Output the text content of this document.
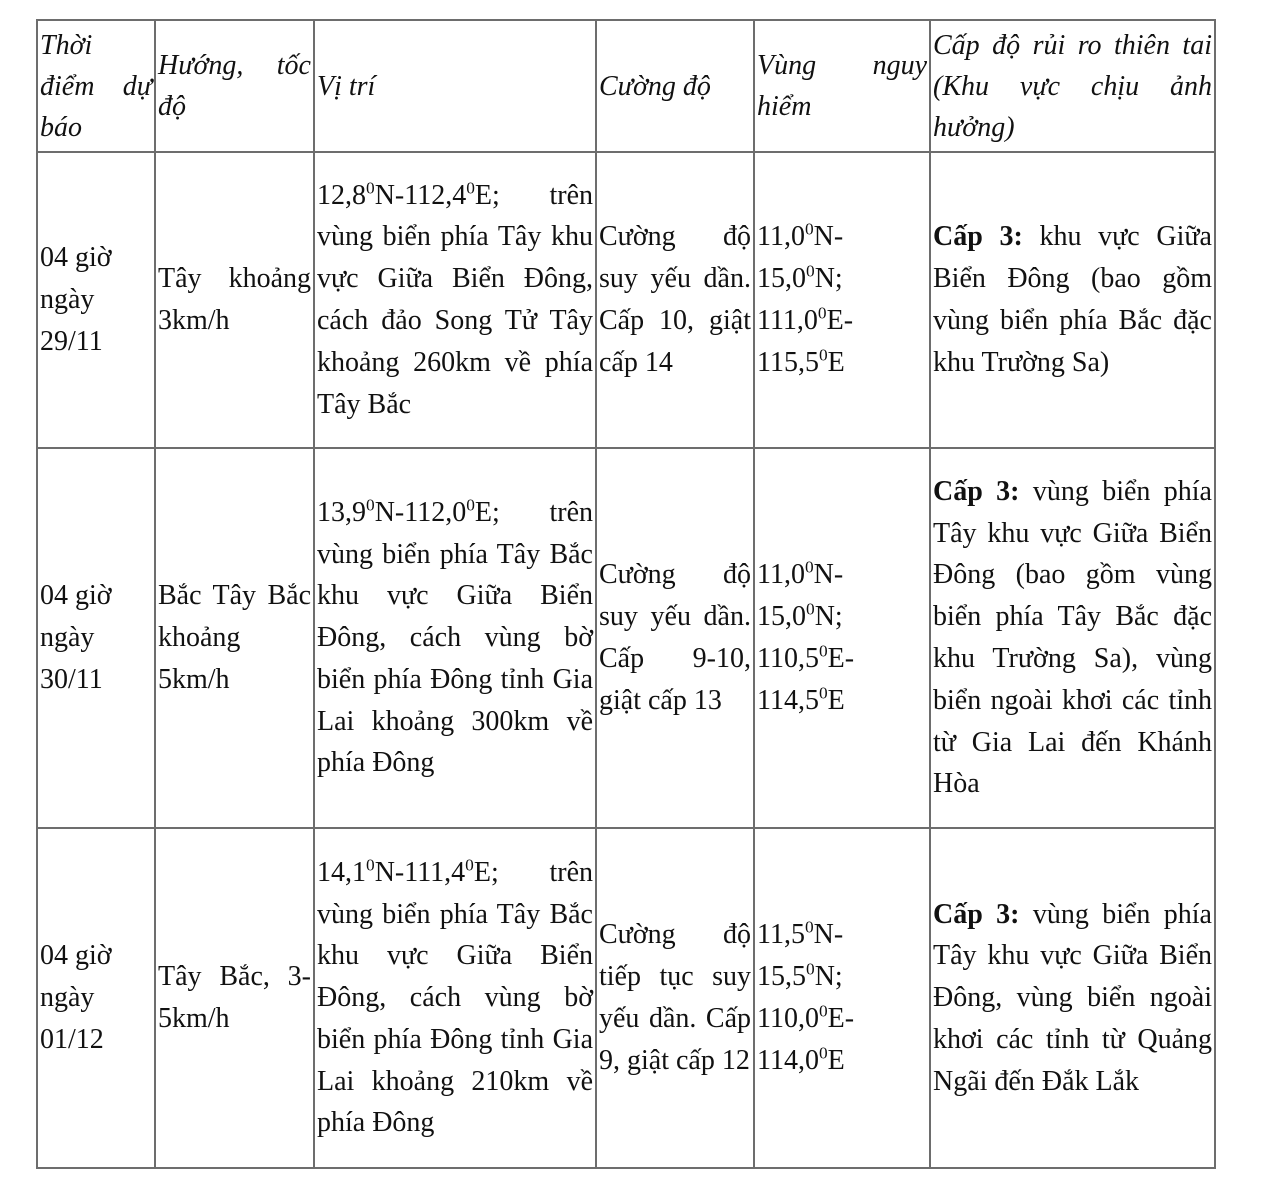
Thời điểm dự báo	Hướng, tốc độ	Vị trí	Cường độ	Vùng nguy hiểm	Cấp độ rủi ro thiên tai (Khu vực chịu ảnh hưởng)

04 giờ
ngày
29/11	Tây khoảng 3km/h	12,8$^0$N-112,4$^0$E; trên vùng biển phía Tây khu vực Giữa Biển Đông, cách đảo Song Tử Tây khoảng 260km về phía Tây Bắc	Cường độ suy yếu dần. Cấp 10, giật cấp 14	11,0$^0$N-
15,0$^0$N;
111,0$^0$E-
115,5$^0$E	Cấp 3: khu vực Giữa Biển Đông (bao gồm vùng biển phía Bắc đặc khu Trường Sa)

04 giờ
ngày
30/11	Bắc Tây Bắc khoảng 5km/h	13,9$^0$N-112,0$^0$E; trên vùng biển phía Tây Bắc khu vực Giữa Biển Đông, cách vùng bờ biển phía Đông tỉnh Gia Lai khoảng 300km về phía Đông	Cường độ suy yếu dần. Cấp 9-10, giật cấp 13	11,0$^0$N-
15,0$^0$N;
110,5$^0$E-
114,5$^0$E	Cấp 3: vùng biển phía Tây khu vực Giữa Biển Đông (bao gồm vùng biển phía Tây Bắc đặc khu Trường Sa), vùng biển ngoài khơi các tỉnh từ Gia Lai đến Khánh Hòa

04 giờ
ngày
01/12	Tây Bắc, 3-5km/h	14,1$^0$N-111,4$^0$E; trên vùng biển phía Tây Bắc khu vực Giữa Biển Đông, cách vùng bờ biển phía Đông tỉnh Gia Lai khoảng 210km về phía Đông	Cường độ tiếp tục suy yếu dần. Cấp 9, giật cấp 12	11,5$^0$N-
15,5$^0$N;
110,0$^0$E-
114,0$^0$E	Cấp 3: vùng biển phía Tây khu vực Giữa Biển Đông, vùng biển ngoài khơi các tỉnh từ Quảng Ngãi đến Đắk Lắk
